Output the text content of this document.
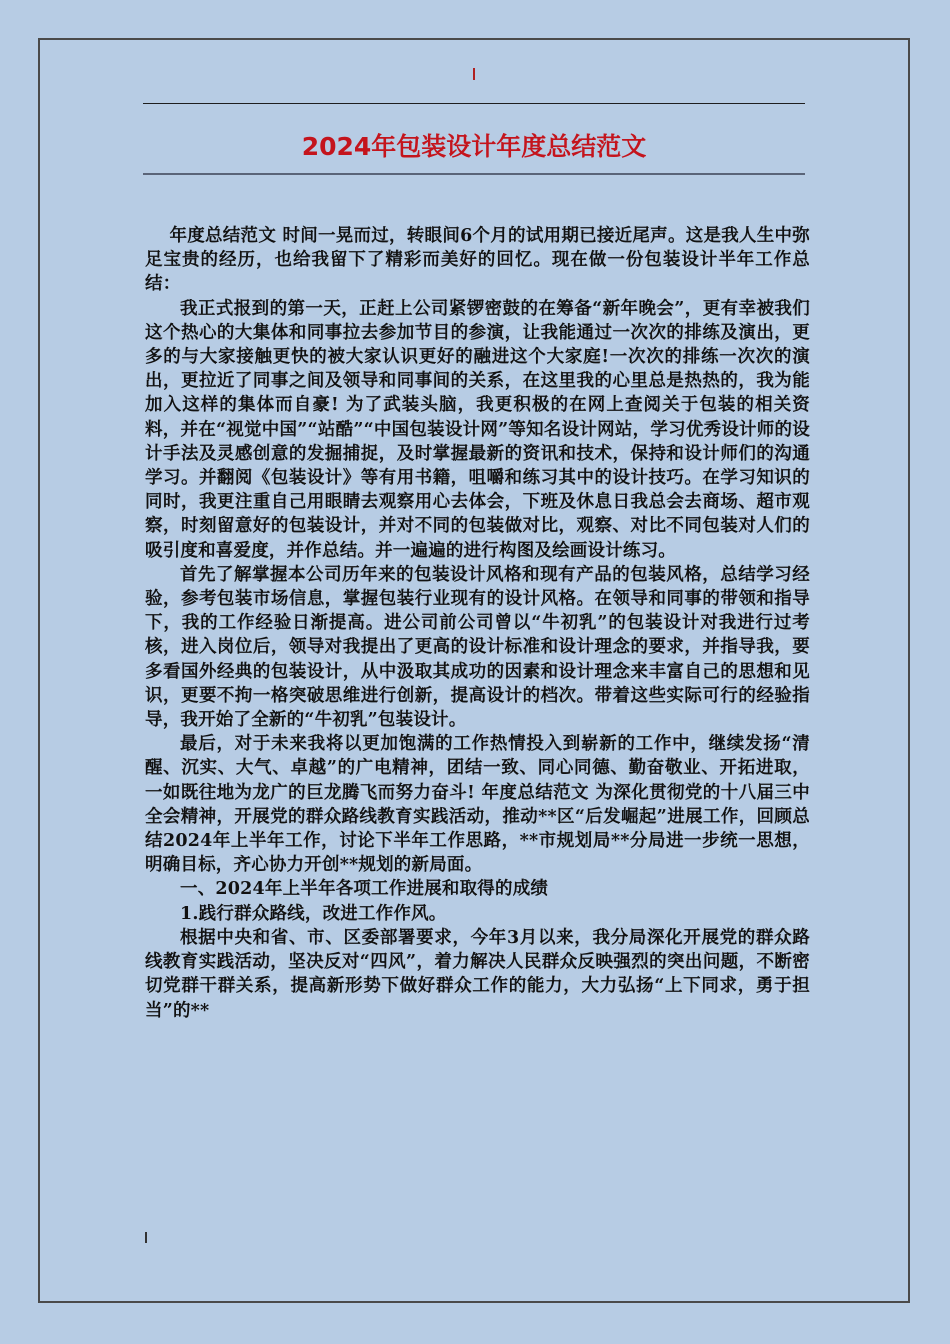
2024年包装设计年度总结范文

年度总结范文 时间一晃而过，转眼间6个月的试用期已接近尾声。这是我人生中弥足宝贵的经历，也给我留下了精彩而美好的回忆。现在做一份包装设计半年工作总结：

我正式报到的第一天，正赶上公司紧锣密鼓的在筹备“新年晚会”，更有幸被我们这个热心的大集体和同事拉去参加节目的参演，让我能通过一次次的排练及演出，更多的与大家接触更快的被大家认识更好的融进这个大家庭!一次次的排练一次次的演出，更拉近了同事之间及领导和同事间的关系，在这里我的心里总是热热的，我为能加入这样的集体而自豪! 为了武装头脑，我更积极的在网上查阅关于包装的相关资料，并在“视觉中国”“站酷”“中国包装设计网”等知名设计网站，学习优秀设计师的设计手法及灵感创意的发掘捕捉，及时掌握最新的资讯和技术，保持和设计师们的沟通学习。并翻阅《包装设计》等有用书籍，咀嚼和练习其中的设计技巧。在学习知识的同时，我更注重自己用眼睛去观察用心去体会，下班及休息日我总会去商场、超市观察，时刻留意好的包装设计，并对不同的包装做对比，观察、对比不同包装对人们的吸引度和喜爱度，并作总结。并一遍遍的进行构图及绘画设计练习。

首先了解掌握本公司历年来的包装设计风格和现有产品的包装风格，总结学习经验，参考包装市场信息，掌握包装行业现有的设计风格。在领导和同事的带领和指导下，我的工作经验日渐提高。进公司前公司曾以“牛初乳”的包装设计对我进行过考核，进入岗位后，领导对我提出了更高的设计标准和设计理念的要求，并指导我，要多看国外经典的包装设计，从中汲取其成功的因素和设计理念来丰富自己的思想和见识，更要不拘一格突破思维进行创新，提高设计的档次。带着这些实际可行的经验指导，我开始了全新的“牛初乳”包装设计。

最后，对于未来我将以更加饱满的工作热情投入到崭新的工作中，继续发扬“清醒、沉实、大气、卓越”的广电精神，团结一致、同心同德、勤奋敬业、开拓进取，一如既往地为龙广的巨龙腾飞而努力奋斗! 年度总结范文 为深化贯彻党的十八届三中全会精神，开展党的群众路线教育实践活动，推动**区“后发崛起”进展工作，回顾总结2024年上半年工作，讨论下半年工作思路，**市规划局**分局进一步统一思想，明确目标，齐心协力开创**规划的新局面。

一、2024年上半年各项工作进展和取得的成绩

1.践行群众路线，改进工作作风。

根据中央和省、市、区委部署要求，今年3月以来，我分局深化开展党的群众路线教育实践活动，坚决反对“四风”，着力解决人民群众反映强烈的突出问题，不断密切党群干群关系，提高新形势下做好群众工作的能力，大力弘扬“上下同求，勇于担当”的**
